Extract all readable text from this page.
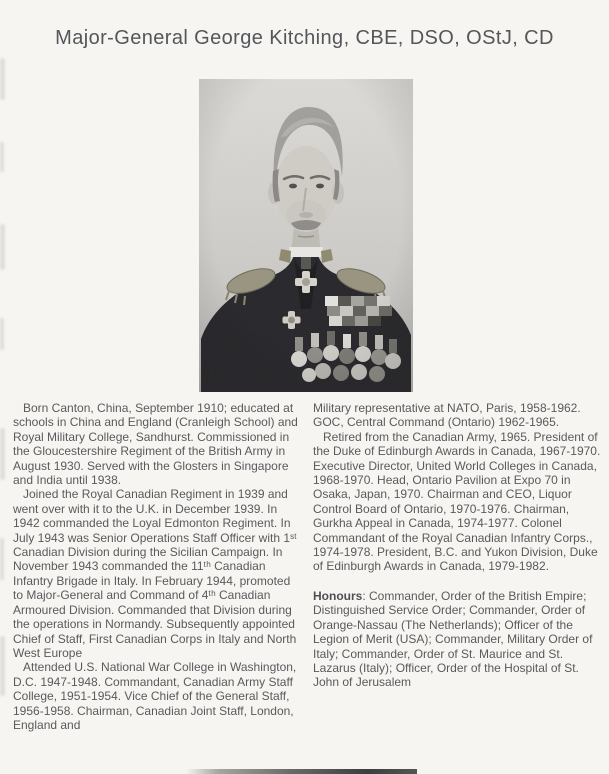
Major-General George Kitching, CBE, DSO, OStJ, CD

Born Canton, China, September 1910; educated at schools in China and England (Cranleigh School) and Royal Military College, Sandhurst. Commissioned in the Gloucestershire Regiment of the British Army in August 1930. Served with the Glosters in Singapore and India until 1938.

Joined the Royal Canadian Regiment in 1939 and went over with it to the U.K. in December 1939. In 1942 commanded the Loyal Edmonton Regiment. In July 1943 was Senior Operations Staff Officer with 1ˢᵗ Canadian Division during the Sicilian Campaign. In November 1943 commanded the 11ᵗʰ Canadian Infantry Brigade in Italy. In February 1944, promoted to Major-General and Command of 4ᵗʰ Canadian Armoured Division. Commanded that Division during the operations in Normandy. Subsequently appointed Chief of Staff, First Canadian Corps in Italy and North West Europe

Attended U.S. National War College in Washington, D.C. 1947-1948. Commandant, Canadian Army Staff College, 1951-1954. Vice Chief of the General Staff, 1956-1958. Chairman, Canadian Joint Staff, London, England and

Military representative at NATO, Paris, 1958-1962. GOC, Central Command (Ontario) 1962-1965.

Retired from the Canadian Army, 1965. President of the Duke of Edinburgh Awards in Canada, 1967-1970. Executive Director, United World Colleges in Canada, 1968-1970. Head, Ontario Pavilion at Expo 70 in Osaka, Japan, 1970. Chairman and CEO, Liquor Control Board of Ontario, 1970-1976. Chairman, Gurkha Appeal in Canada, 1974-1977. Colonel Commandant of the Royal Canadian Infantry Corps., 1974-1978. President, B.C. and Yukon Division, Duke of Edinburgh Awards in Canada, 1979-1982.

Honours: Commander, Order of the British Empire; Distinguished Service Order; Commander, Order of Orange-Nassau (The Netherlands); Officer of the Legion of Merit (USA); Commander, Military Order of Italy; Commander, Order of St. Maurice and St. Lazarus (Italy); Officer, Order of the Hospital of St. John of Jerusalem
